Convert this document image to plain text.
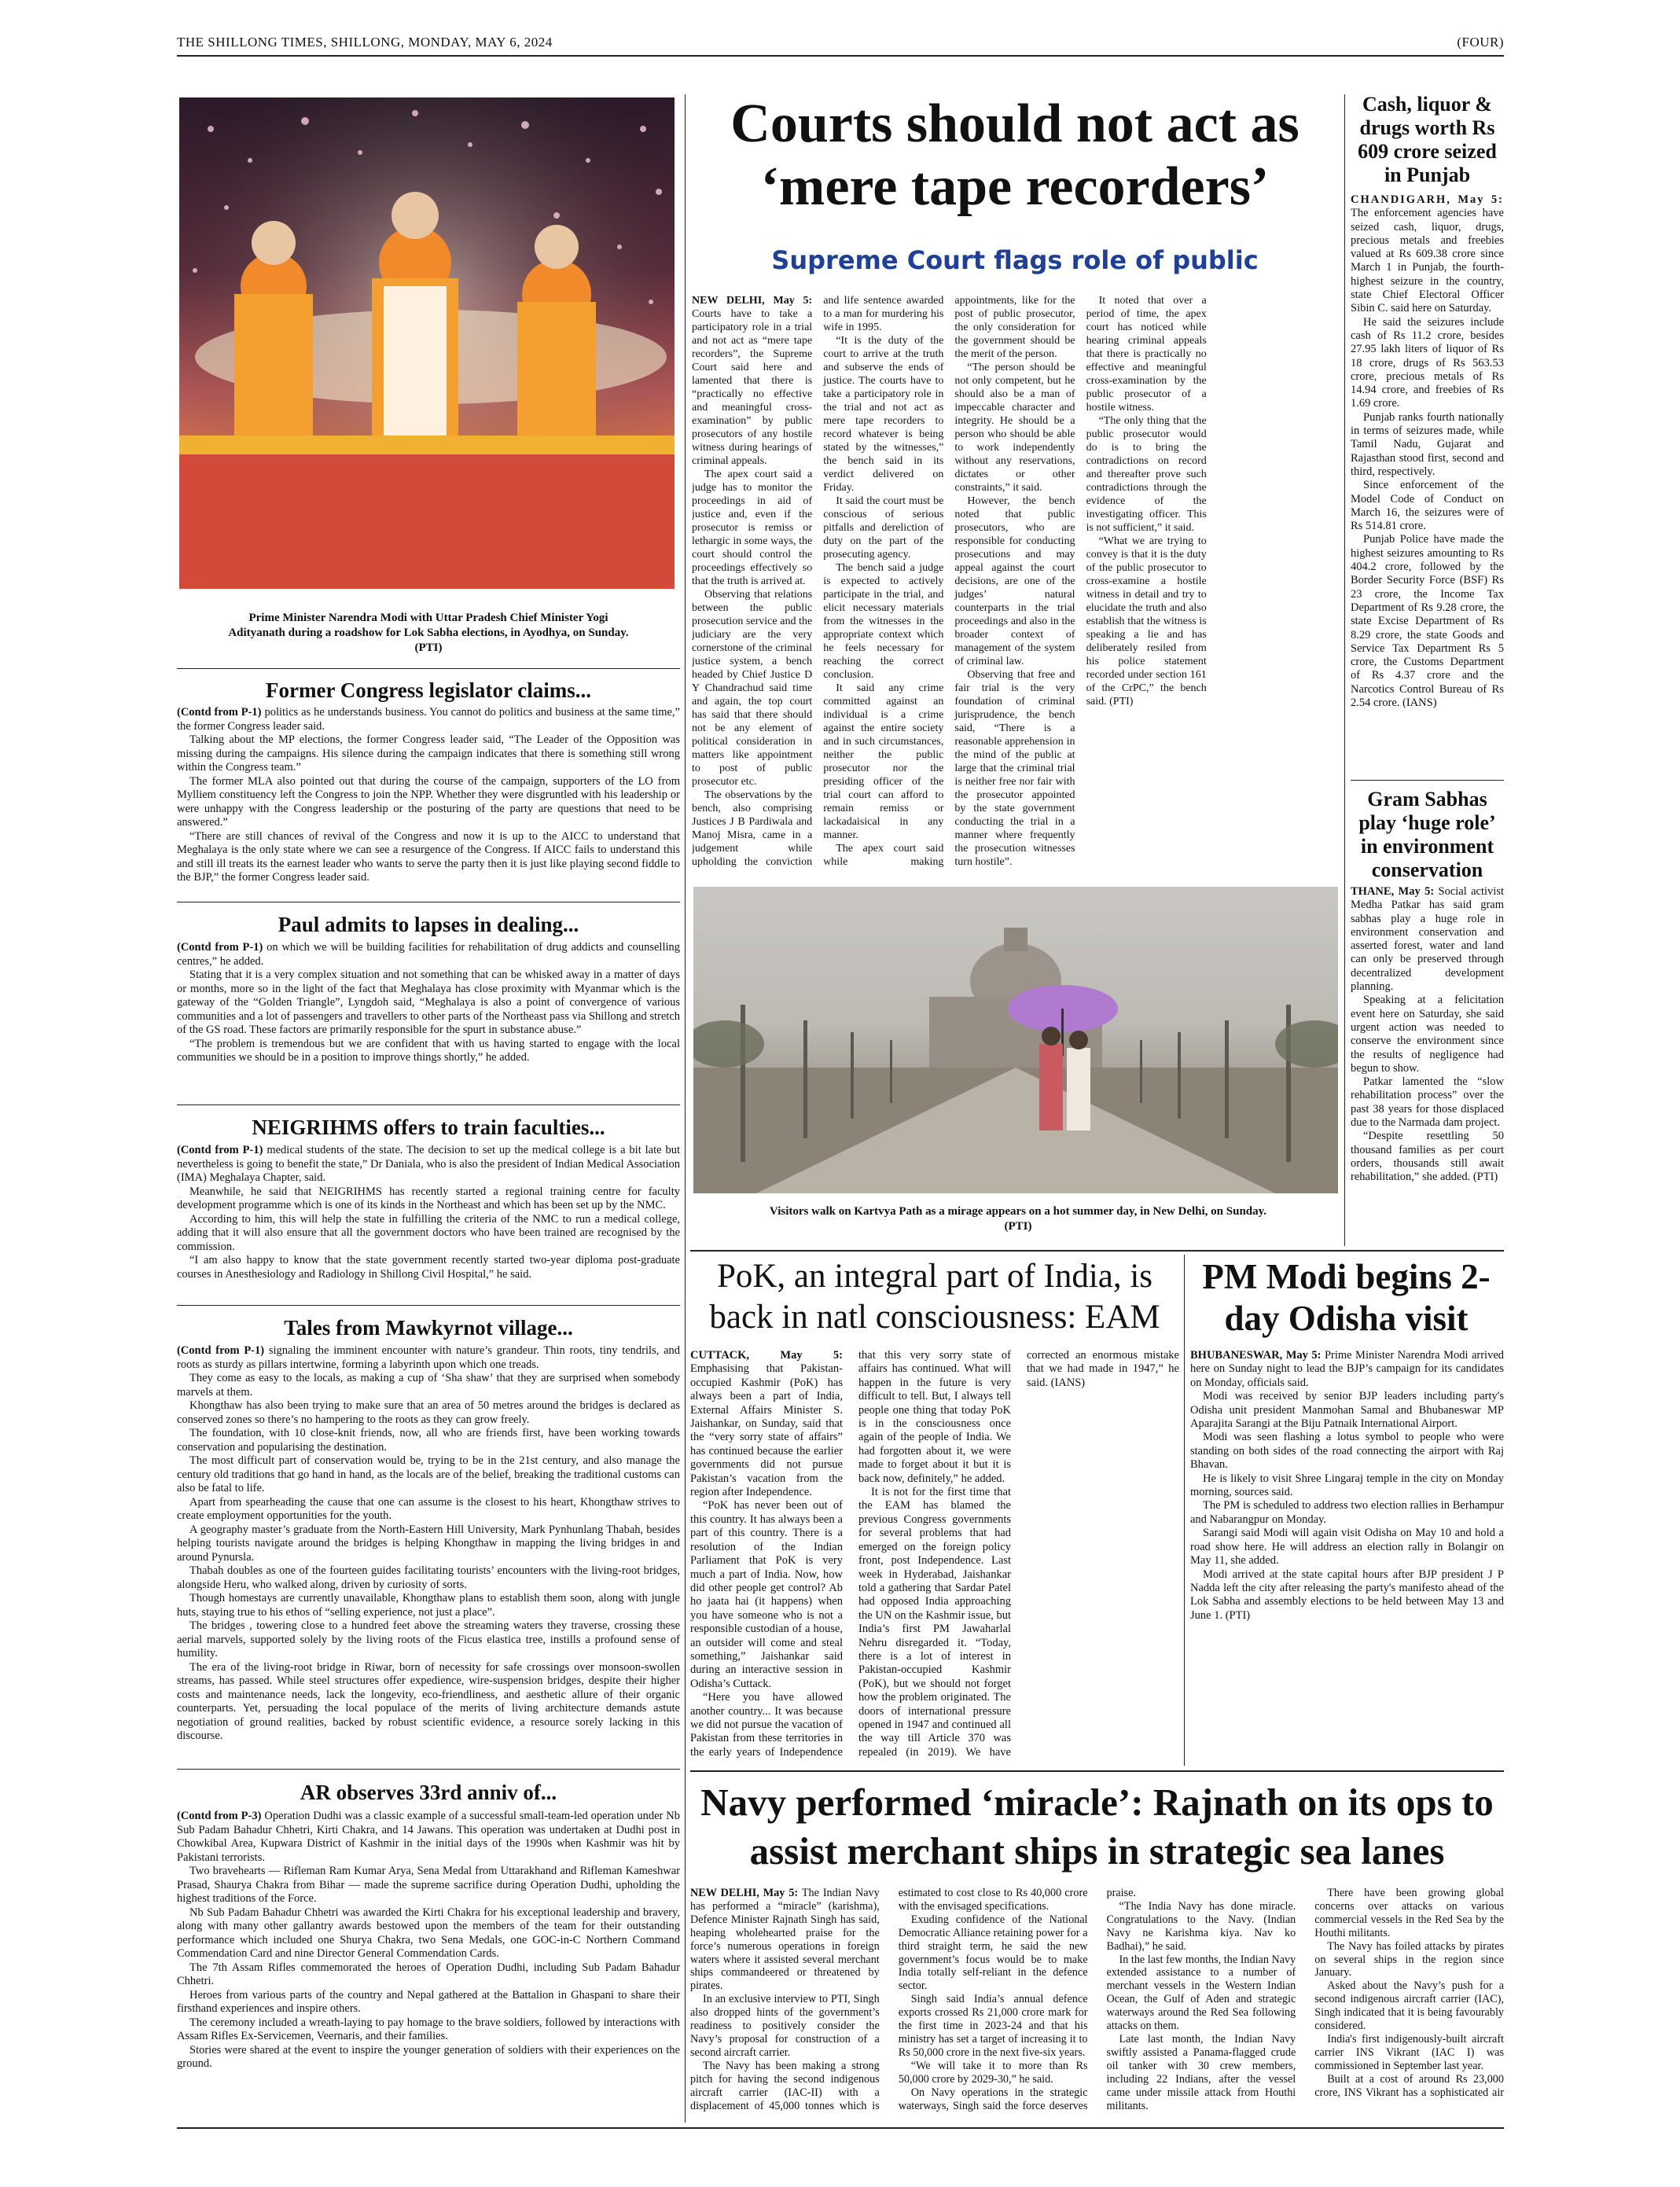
THE SHILLONG TIMES, SHILLONG, MONDAY, MAY 6, 2024	(FOUR)
Prime Minister Narendra Modi with Uttar Pradesh Chief Minister Yogi Adityanath during a roadshow for Lok Sabha elections, in Ayodhya, on Sunday. (PTI)
Former Congress legislator claims...

(Contd from P-1) politics as he understands business. You cannot do politics and business at the same time,” the former Congress leader said.

Talking about the MP elections, the former Congress leader said, “The Leader of the Opposition was missing during the campaigns. His silence during the campaign indicates that there is something still wrong within the Congress team.”

The former MLA also pointed out that during the course of the campaign, supporters of the LO from Mylliem constituency left the Congress to join the NPP. Whether they were disgruntled with his leadership or were unhappy with the Congress leadership or the posturing of the party are questions that need to be answered.”

“There are still chances of revival of the Congress and now it is up to the AICC to understand that Meghalaya is the only state where we can see a resurgence of the Congress. If AICC fails to understand this and still ill treats its the earnest leader who wants to serve the party then it is just like playing second fiddle to the BJP,” the former Congress leader said.

Paul admits to lapses in dealing...

(Contd from P-1) on which we will be building facilities for rehabilitation of drug addicts and counselling centres,” he added.

Stating that it is a very complex situation and not something that can be whisked away in a matter of days or months, more so in the light of the fact that Meghalaya has close proximity with Myanmar which is the gateway of the “Golden Triangle”, Lyngdoh said, “Meghalaya is also a point of convergence of various communities and a lot of passengers and travellers to other parts of the Northeast pass via Shillong and stretch of the GS road. These factors are primarily responsible for the spurt in substance abuse.”

“The problem is tremendous but we are confident that with us having started to engage with the local communities we should be in a position to improve things shortly,” he added.

NEIGRIHMS offers to train faculties...

(Contd from P-1) medical students of the state. The decision to set up the medical college is a bit late but nevertheless is going to benefit the state,” Dr Daniala, who is also the president of Indian Medical Association (IMA) Meghalaya Chapter, said.

Meanwhile, he said that NEIGRIHMS has recently started a regional training centre for faculty development programme which is one of its kinds in the Northeast and which has been set up by the NMC.

According to him, this will help the state in fulfilling the criteria of the NMC to run a medical college, adding that it will also ensure that all the government doctors who have been trained are recognised by the commission.

“I am also happy to know that the state government recently started two-year diploma post-graduate courses in Anesthesiology and Radiology in Shillong Civil Hospital,” he said.

Tales from Mawkyrnot village...

(Contd from P-1) signaling the imminent encounter with nature’s grandeur. Thin roots, tiny tendrils, and roots as sturdy as pillars intertwine, forming a labyrinth upon which one treads.

They come as easy to the locals, as making a cup of ‘Sha shaw’ that they are surprised when somebody marvels at them.

Khongthaw has also been trying to make sure that an area of 50 metres around the bridges is declared as conserved zones so there’s no hampering to the roots as they can grow freely.

The foundation, with 10 close-knit friends, now, all who are friends first, have been working towards conservation and popularising the destination.

The most difficult part of conservation would be, trying to be in the 21st century, and also manage the century old traditions that go hand in hand, as the locals are of the belief, breaking the traditional customs can also be fatal to life.

Apart from spearheading the cause that one can assume is the closest to his heart, Khongthaw strives to create employment opportunities for the youth.

A geography master’s graduate from the North-Eastern Hill University, Mark Pynhunlang Thabah, besides helping tourists navigate around the bridges is helping Khongthaw in mapping the living bridges in and around Pynursla.

Thabah doubles as one of the fourteen guides facilitating tourists’ encounters with the living-root bridges, alongside Heru, who walked along, driven by curiosity of sorts.

Though homestays are currently unavailable, Khongthaw plans to establish them soon, along with jungle huts, staying true to his ethos of “selling experience, not just a place”.

The bridges , towering close to a hundred feet above the streaming waters they traverse, crossing these aerial marvels, supported solely by the living roots of the Ficus elastica tree, instills a profound sense of humility.

The era of the living-root bridge in Riwar, born of necessity for safe crossings over monsoon-swollen streams, has passed. While steel structures offer expedience, wire-suspension bridges, despite their higher costs and maintenance needs, lack the longevity, eco-friendliness, and aesthetic allure of their organic counterparts. Yet, persuading the local populace of the merits of living architecture demands astute negotiation of ground realities, backed by robust scientific evidence, a resource sorely lacking in this discourse.

AR observes 33rd anniv of...

(Contd from P-3) Operation Dudhi was a classic example of a successful small-team-led operation under Nb Sub Padam Bahadur Chhetri, Kirti Chakra, and 14 Jawans. This operation was undertaken at Dudhi post in Chowkibal Area, Kupwara District of Kashmir in the initial days of the 1990s when Kashmir was hit by Pakistani terrorists.

Two bravehearts — Rifleman Ram Kumar Arya, Sena Medal from Uttarakhand and Rifleman Kameshwar Prasad, Shaurya Chakra from Bihar — made the supreme sacrifice during Operation Dudhi, upholding the highest traditions of the Force.

Nb Sub Padam Bahadur Chhetri was awarded the Kirti Chakra for his exceptional leadership and bravery, along with many other gallantry awards bestowed upon the members of the team for their outstanding performance which included one Shurya Chakra, two Sena Medals, one GOC-in-C Northern Command Commendation Card and nine Director General Commendation Cards.

The 7th Assam Rifles commemorated the heroes of Operation Dudhi, including Sub Padam Bahadur Chhetri.

Heroes from various parts of the country and Nepal gathered at the Battalion in Ghaspani to share their firsthand experiences and inspire others.

The ceremony included a wreath-laying to pay homage to the brave soldiers, followed by interactions with Assam Rifles Ex-Servicemen, Veernaris, and their families.

Stories were shared at the event to inspire the younger generation of soldiers with their experiences on the ground.

Courts should not act as ‘mere tape recorders’
Supreme Court flags role of public

NEW DELHI, May 5: Courts have to take a participatory role in a trial and not act as “mere tape recorders”, the Supreme Court said here and lamented that there is “practically no effective and meaningful cross-examination” by public prosecutors of any hostile witness during hearings of criminal appeals.

The apex court said a judge has to monitor the proceedings in aid of justice and, even if the prosecutor is remiss or lethargic in some ways, the court should control the proceedings effectively so that the truth is arrived at.

Observing that relations between the public prosecution service and the judiciary are the very cornerstone of the criminal justice system, a bench headed by Chief Justice D Y Chandrachud said time and again, the top court has said that there should not be any element of political consideration in matters like appointment to post of public prosecutor etc.

The observations by the bench, also comprising Justices J B Pardiwala and Manoj Misra, came in a judgement while upholding the conviction and life sentence awarded to a man for murdering his wife in 1995.

“It is the duty of the court to arrive at the truth and subserve the ends of justice. The courts have to take a participatory role in the trial and not act as mere tape recorders to record whatever is being stated by the witnesses,” the bench said in its verdict delivered on Friday.

It said the court must be conscious of serious pitfalls and dereliction of duty on the part of the prosecuting agency.

The bench said a judge is expected to actively participate in the trial, and elicit necessary materials from the witnesses in the appropriate context which he feels necessary for reaching the correct conclusion.

It said any crime committed against an individual is a crime against the entire society and in such circumstances, neither the public prosecutor nor the presiding officer of the trial court can afford to remain remiss or lackadaisical in any manner.

The apex court said while making appointments, like for the post of public prosecutor, the only consideration for the government should be the merit of the person.

“The person should be not only competent, but he should also be a man of impeccable character and integrity. He should be a person who should be able to work independently without any reservations, dictates or other constraints,” it said.

However, the bench noted that public prosecutors, who are responsible for conducting prosecutions and may appeal against the court decisions, are one of the judges’ natural counterparts in the trial proceedings and also in the broader context of management of the system of criminal law.

Observing that free and fair trial is the very foundation of criminal jurisprudence, the bench said, “There is a reasonable apprehension in the mind of the public at large that the criminal trial is neither free nor fair with the prosecutor appointed by the state government conducting the trial in a manner where frequently the prosecution witnesses turn hostile”.

It noted that over a period of time, the apex court has noticed while hearing criminal appeals that there is practically no effective and meaningful cross-examination by the public prosecutor of a hostile witness.

“The only thing that the public prosecutor would do is to bring the contradictions on record and thereafter prove such contradictions through the evidence of the investigating officer. This is not sufficient,” it said.

“What we are trying to convey is that it is the duty of the public prosecutor to cross-examine a hostile witness in detail and try to elucidate the truth and also establish that the witness is speaking a lie and has deliberately resiled from his police statement recorded under section 161 of the CrPC,” the bench said. (PTI)

Visitors walk on Kartvya Path as a mirage appears on a hot summer day, in New Delhi, on Sunday. (PTI)
Cash, liquor & drugs worth Rs 609 crore seized in Punjab

CHANDIGARH, May 5: The enforcement agencies have seized cash, liquor, drugs, precious metals and freebies valued at Rs 609.38 crore since March 1 in Punjab, the fourth-highest seizure in the country, state Chief Electoral Officer Sibin C. said here on Saturday.

He said the seizures include cash of Rs 11.2 crore, besides 27.95 lakh liters of liquor of Rs 18 crore, drugs of Rs 563.53 crore, precious metals of Rs 14.94 crore, and freebies of Rs 1.69 crore.

Punjab ranks fourth nationally in terms of seizures made, while Tamil Nadu, Gujarat and Rajasthan stood first, second and third, respectively.

Since enforcement of the Model Code of Conduct on March 16, the seizures were of Rs 514.81 crore.

Punjab Police have made the highest seizures amounting to Rs 404.2 crore, followed by the Border Security Force (BSF) Rs 23 crore, the Income Tax Department of Rs 9.28 crore, the state Excise Department of Rs 8.29 crore, the state Goods and Service Tax Department Rs 5 crore, the Customs Department of Rs 4.37 crore and the Narcotics Control Bureau of Rs 2.54 crore. (IANS)

Gram Sabhas play ‘huge role’ in environment conservation

THANE, May 5: Social activist Medha Patkar has said gram sabhas play a huge role in environment conservation and asserted forest, water and land can only be preserved through decentralized development planning.

Speaking at a felicitation event here on Saturday, she said urgent action was needed to conserve the environment since the results of negligence had begun to show.

Patkar lamented the “slow rehabilitation process” over the past 38 years for those displaced due to the Narmada dam project.

“Despite resettling 50 thousand families as per court orders, thousands still await rehabilitation,” she added. (PTI)

PoK, an integral part of India, is back in natl consciousness: EAM

CUTTACK, May 5: Emphasising that Pakistan-occupied Kashmir (PoK) has always been a part of India, External Affairs Minister S. Jaishankar, on Sunday, said that the “very sorry state of affairs” has continued because the earlier governments did not pursue Pakistan’s vacation from the region after Independence.

“PoK has never been out of this country. It has always been a part of this country. There is a resolution of the Indian Parliament that PoK is very much a part of India. Now, how did other people get control? Ab ho jaata hai (it happens) when you have someone who is not a responsible custodian of a house, an outsider will come and steal something,” Jaishankar said during an interactive session in Odisha’s Cuttack.

“Here you have allowed another country... It was because we did not pursue the vacation of Pakistan from these territories in the early years of Independence that this very sorry state of affairs has continued. What will happen in the future is very difficult to tell. But, I always tell people one thing that today PoK is in the consciousness once again of the people of India. We had forgotten about it, we were made to forget about it but it is back now, definitely,” he added.

It is not for the first time that the EAM has blamed the previous Congress governments for several problems that had emerged on the foreign policy front, post Independence. Last week in Hyderabad, Jaishankar told a gathering that Sardar Patel had opposed India approaching the UN on the Kashmir issue, but India’s first PM Jawaharlal Nehru disregarded it. “Today, there is a lot of interest in Pakistan-occupied Kashmir (PoK), but we should not forget how the problem originated. The doors of international pressure opened in 1947 and continued all the way till Article 370 was repealed (in 2019). We have corrected an enormous mistake that we had made in 1947,” he said. (IANS)

PM Modi begins 2-day Odisha visit

BHUBANESWAR, May 5: Prime Minister Narendra Modi arrived here on Sunday night to lead the BJP’s campaign for its candidates on Monday, officials said.

Modi was received by senior BJP leaders including party's Odisha unit president Manmohan Samal and Bhubaneswar MP Aparajita Sarangi at the Biju Patnaik International Airport.

Modi was seen flashing a lotus symbol to people who were standing on both sides of the road connecting the airport with Raj Bhavan.

He is likely to visit Shree Lingaraj temple in the city on Monday morning, sources said.

The PM is scheduled to address two election rallies in Berhampur and Nabarangpur on Monday.

Sarangi said Modi will again visit Odisha on May 10 and hold a road show here. He will address an election rally in Bolangir on May 11, she added.

Modi arrived at the state capital hours after BJP president J P Nadda left the city after releasing the party's manifesto ahead of the Lok Sabha and assembly elections to be held between May 13 and June 1. (PTI)

Navy performed ‘miracle’: Rajnath on its ops to assist merchant ships in strategic sea lanes

NEW DELHI, May 5: The Indian Navy has performed a “miracle” (karishma), Defence Minister Rajnath Singh has said, heaping wholehearted praise for the force’s numerous operations in foreign waters where it assisted several merchant ships commandeered or threatened by pirates.

In an exclusive interview to PTI, Singh also dropped hints of the government’s readiness to positively consider the Navy’s proposal for construction of a second aircraft carrier.

The Navy has been making a strong pitch for having the second indigenous aircraft carrier (IAC-II) with a displacement of 45,000 tonnes which is estimated to cost close to Rs 40,000 crore with the envisaged specifications.

Exuding confidence of the National Democratic Alliance retaining power for a third straight term, he said the new government’s focus would be to make India totally self-reliant in the defence sector.

Singh said India’s annual defence exports crossed Rs 21,000 crore mark for the first time in 2023-24 and that his ministry has set a target of increasing it to Rs 50,000 crore in the next five-six years.

“We will take it to more than Rs 50,000 crore by 2029-30,” he said.

On Navy operations in the strategic waterways, Singh said the force deserves praise.

“The India Navy has done miracle. Congratulations to the Navy. (Indian Navy ne Karishma kiya. Nav ko Badhai),” he said.

In the last few months, the Indian Navy extended assistance to a number of merchant vessels in the Western Indian Ocean, the Gulf of Aden and strategic waterways around the Red Sea following attacks on them.

Late last month, the Indian Navy swiftly assisted a Panama-flagged crude oil tanker with 30 crew members, including 22 Indians, after the vessel came under missile attack from Houthi militants.

There have been growing global concerns over attacks on various commercial vessels in the Red Sea by the Houthi militants.

The Navy has foiled attacks by pirates on several ships in the region since January.

Asked about the Navy’s push for a second indigenous aircraft carrier (IAC), Singh indicated that it is being favourably considered.

India's first indigenously-built aircraft carrier INS Vikrant (IAC I) was commissioned in September last year.

Built at a cost of around Rs 23,000 crore, INS Vikrant has a sophisticated air
